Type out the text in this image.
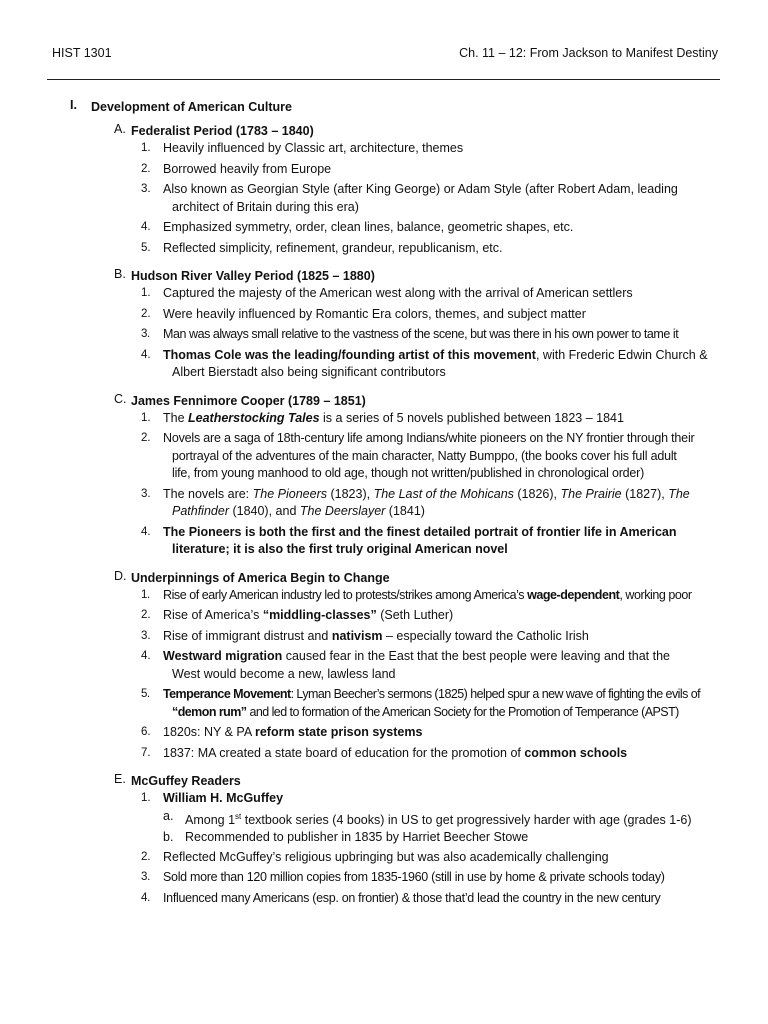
HIST 1301	Ch. 11 – 12: From Jackson to Manifest Destiny
I. Development of American Culture
A. Federalist Period (1783 – 1840)
1. Heavily influenced by Classic art, architecture, themes
2. Borrowed heavily from Europe
3. Also known as Georgian Style (after King George) or Adam Style (after Robert Adam, leading
architect of Britain during this era)
4. Emphasized symmetry, order, clean lines, balance, geometric shapes, etc.
5. Reflected simplicity, refinement, grandeur, republicanism, etc.
B. Hudson River Valley Period (1825 – 1880)
1. Captured the majesty of the American west along with the arrival of American settlers
2. Were heavily influenced by Romantic Era colors, themes, and subject matter
3. Man was always small relative to the vastness of the scene, but was there in his own power to tame it
4. Thomas Cole was the leading/founding artist of this movement, with Frederic Edwin Church &
Albert Bierstadt also being significant contributors
C. James Fennimore Cooper (1789 – 1851)
1. The Leatherstocking Tales is a series of 5 novels published between 1823 – 1841
2. Novels are a saga of 18th-century life among Indians/white pioneers on the NY frontier through their
portrayal of the adventures of the main character, Natty Bumppo, (the books cover his full adult
life, from young manhood to old age, though not written/published in chronological order)
3. The novels are: The Pioneers (1823), The Last of the Mohicans (1826), The Prairie (1827), The
Pathfinder (1840), and The Deerslayer (1841)
4. The Pioneers is both the first and the finest detailed portrait of frontier life in American
literature; it is also the first truly original American novel
D. Underpinnings of America Begin to Change
1. Rise of early American industry led to protests/strikes among America’s wage-dependent, working poor
2. Rise of America’s “middling-classes” (Seth Luther)
3. Rise of immigrant distrust and nativism – especially toward the Catholic Irish
4. Westward migration caused fear in the East that the best people were leaving and that the
West would become a new, lawless land
5. Temperance Movement: Lyman Beecher’s sermons (1825) helped spur a new wave of fighting the evils of
“demon rum” and led to formation of the American Society for the Promotion of Temperance (APST)
6. 1820s: NY & PA reform state prison systems
7. 1837: MA created a state board of education for the promotion of common schools
E. McGuffey Readers
1. William H. McGuffey
a. Among 1st textbook series (4 books) in US to get progressively harder with age (grades 1-6)
b. Recommended to publisher in 1835 by Harriet Beecher Stowe
2. Reflected McGuffey’s religious upbringing but was also academically challenging
3. Sold more than 120 million copies from 1835-1960 (still in use by home & private schools today)
4. Influenced many Americans (esp. on frontier) & those that’d lead the country in the new century
